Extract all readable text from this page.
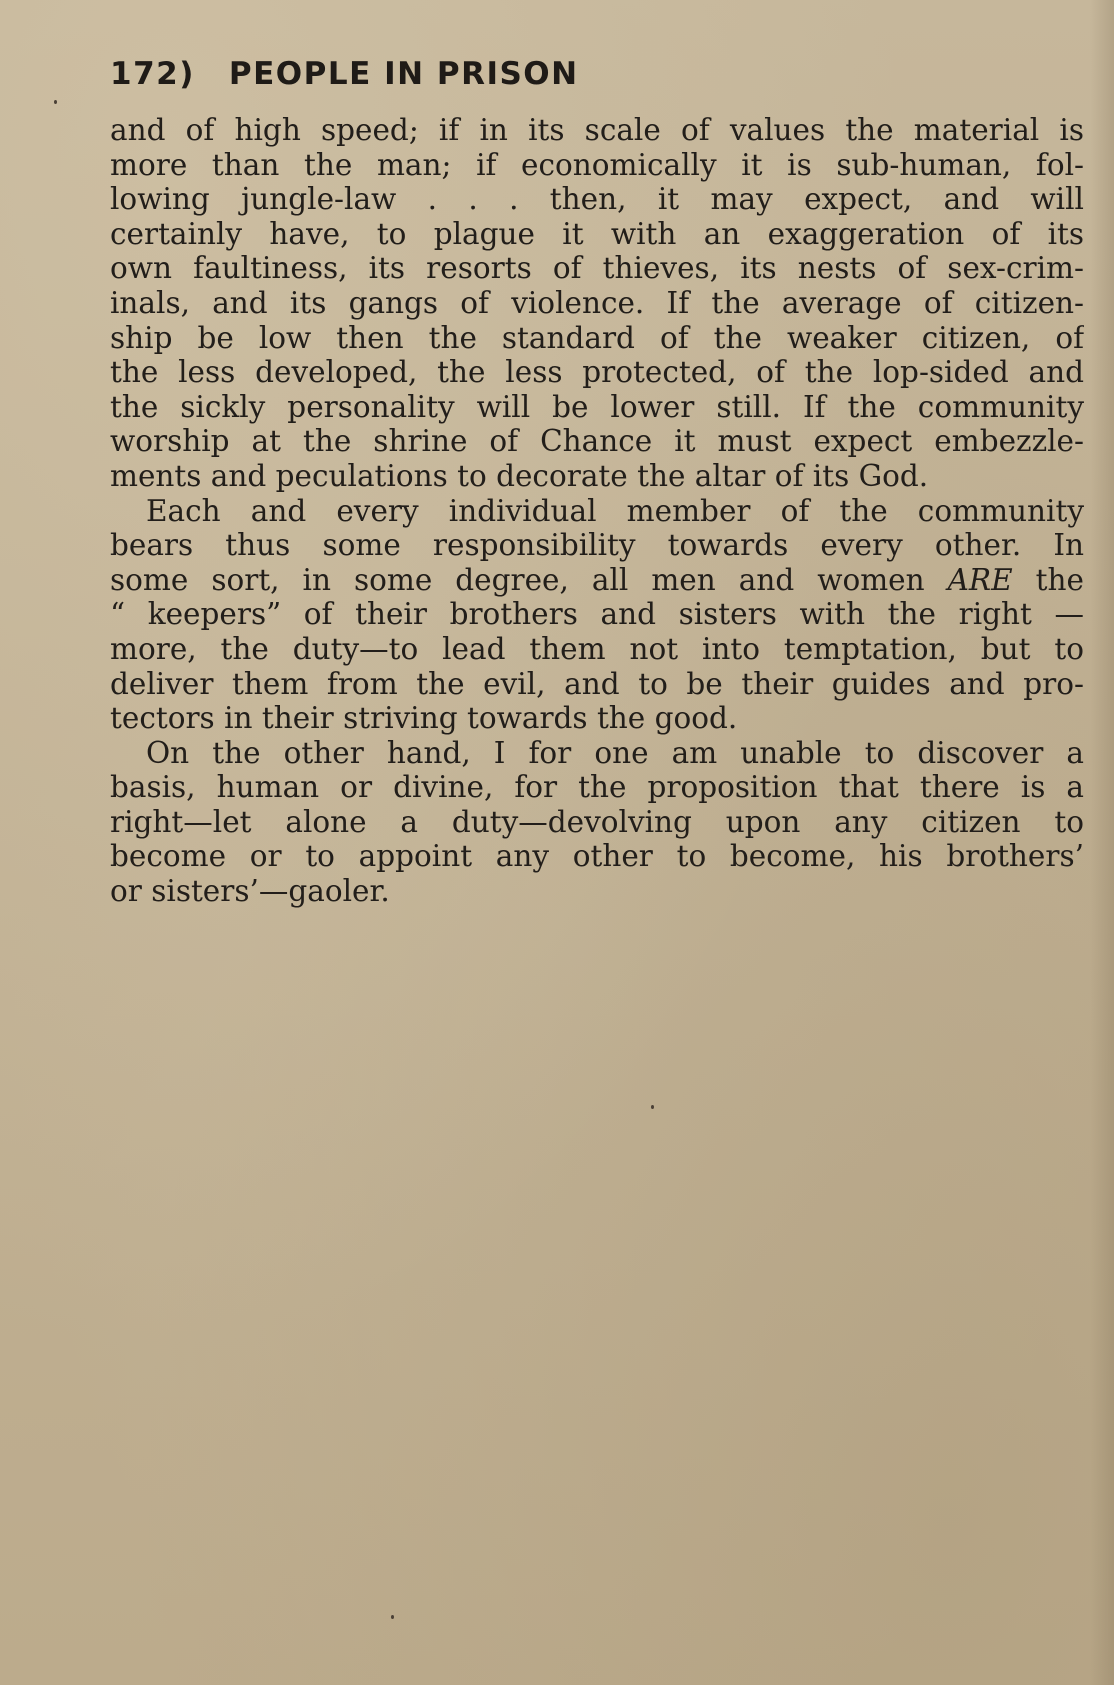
172) PEOPLE IN PRISON
and of high speed; if in its scale of values the material is
more than the man; if economically it is sub-human, fol-
lowing jungle-law . . . then, it may expect, and will
certainly have, to plague it with an exaggeration of its
own faultiness, its resorts of thieves, its nests of sex-crim-
inals, and its gangs of violence. If the average of citizen-
ship be low then the standard of the weaker citizen, of
the less developed, the less protected, of the lop-sided and
the sickly personality will be lower still. If the community
worship at the shrine of Chance it must expect embezzle-
ments and peculations to decorate the altar of its God.
Each and every individual member of the community
bears thus some responsibility towards every other. In
some sort, in some degree, all men and women ARE the
“ keepers” of their brothers and sisters with the right —
more, the duty—to lead them not into temptation, but to
deliver them from the evil, and to be their guides and pro-
tectors in their striving towards the good.
On the other hand, I for one am unable to discover a
basis, human or divine, for the proposition that there is a
right—let alone a duty—devolving upon any citizen to
become or to appoint any other to become, his brothers’
or sisters’—gaoler.
